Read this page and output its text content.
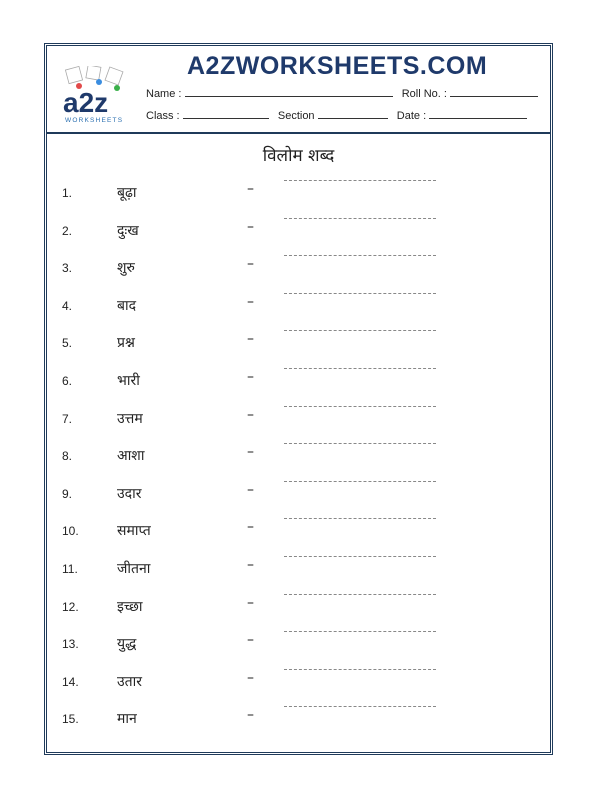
a2z
WORKSHEETS
A2ZWORKSHEETS.COM
Name :	Roll No. :
Class :	Section	Date :
विलोम शब्द
1.	बूढ़ा	–
2.	दुःख	–
3.	शुरु	–
4.	बाद	–
5.	प्रश्न	–
6.	भारी	–
7.	उत्तम	–
8.	आशा	–
9.	उदार	–
10.	समाप्त	–
11.	जीतना	–
12.	इच्छा	–
13.	युद्ध	–
14.	उतार	–
15.	मान	–
